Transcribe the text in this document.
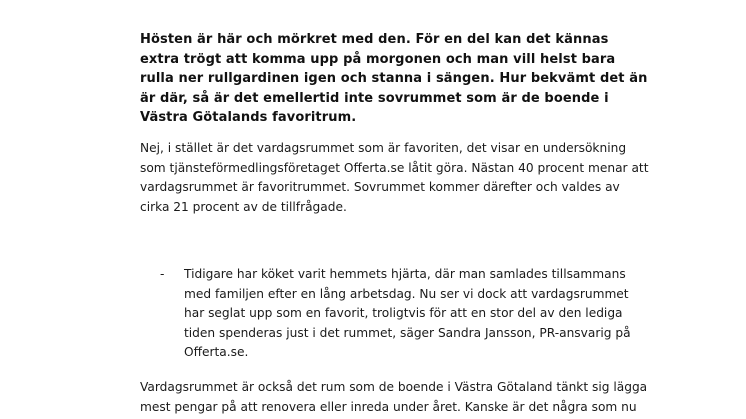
Hösten är här och mörkret med den. För en del kan det kännas
extra trögt att komma upp på morgonen och man vill helst bara
rulla ner rullgardinen igen och stanna i sängen. Hur bekvämt det än
är där, så är det emellertid inte sovrummet som är de boende i
Västra Götalands favoritrum.

Nej, i stället är det vardagsrummet som är favoriten, det visar en undersökning
som tjänsteförmedlingsföretaget Offerta.se låtit göra. Nästan 40 procent menar att
vardagsrummet är favoritrummet. Sovrummet kommer därefter och valdes av
cirka 21 procent av de tillfrågade.

- Tidigare har köket varit hemmets hjärta, där man samlades tillsammans
med familjen efter en lång arbetsdag. Nu ser vi dock att vardagsrummet
har seglat upp som en favorit, troligtvis för att en stor del av den lediga
tiden spenderas just i det rummet, säger Sandra Jansson, PR-ansvarig på
Offerta.se.

Vardagsrummet är också det rum som de boende i Västra Götaland tänkt sig lägga
mest pengar på att renovera eller inreda under året. Kanske är det några som nu
